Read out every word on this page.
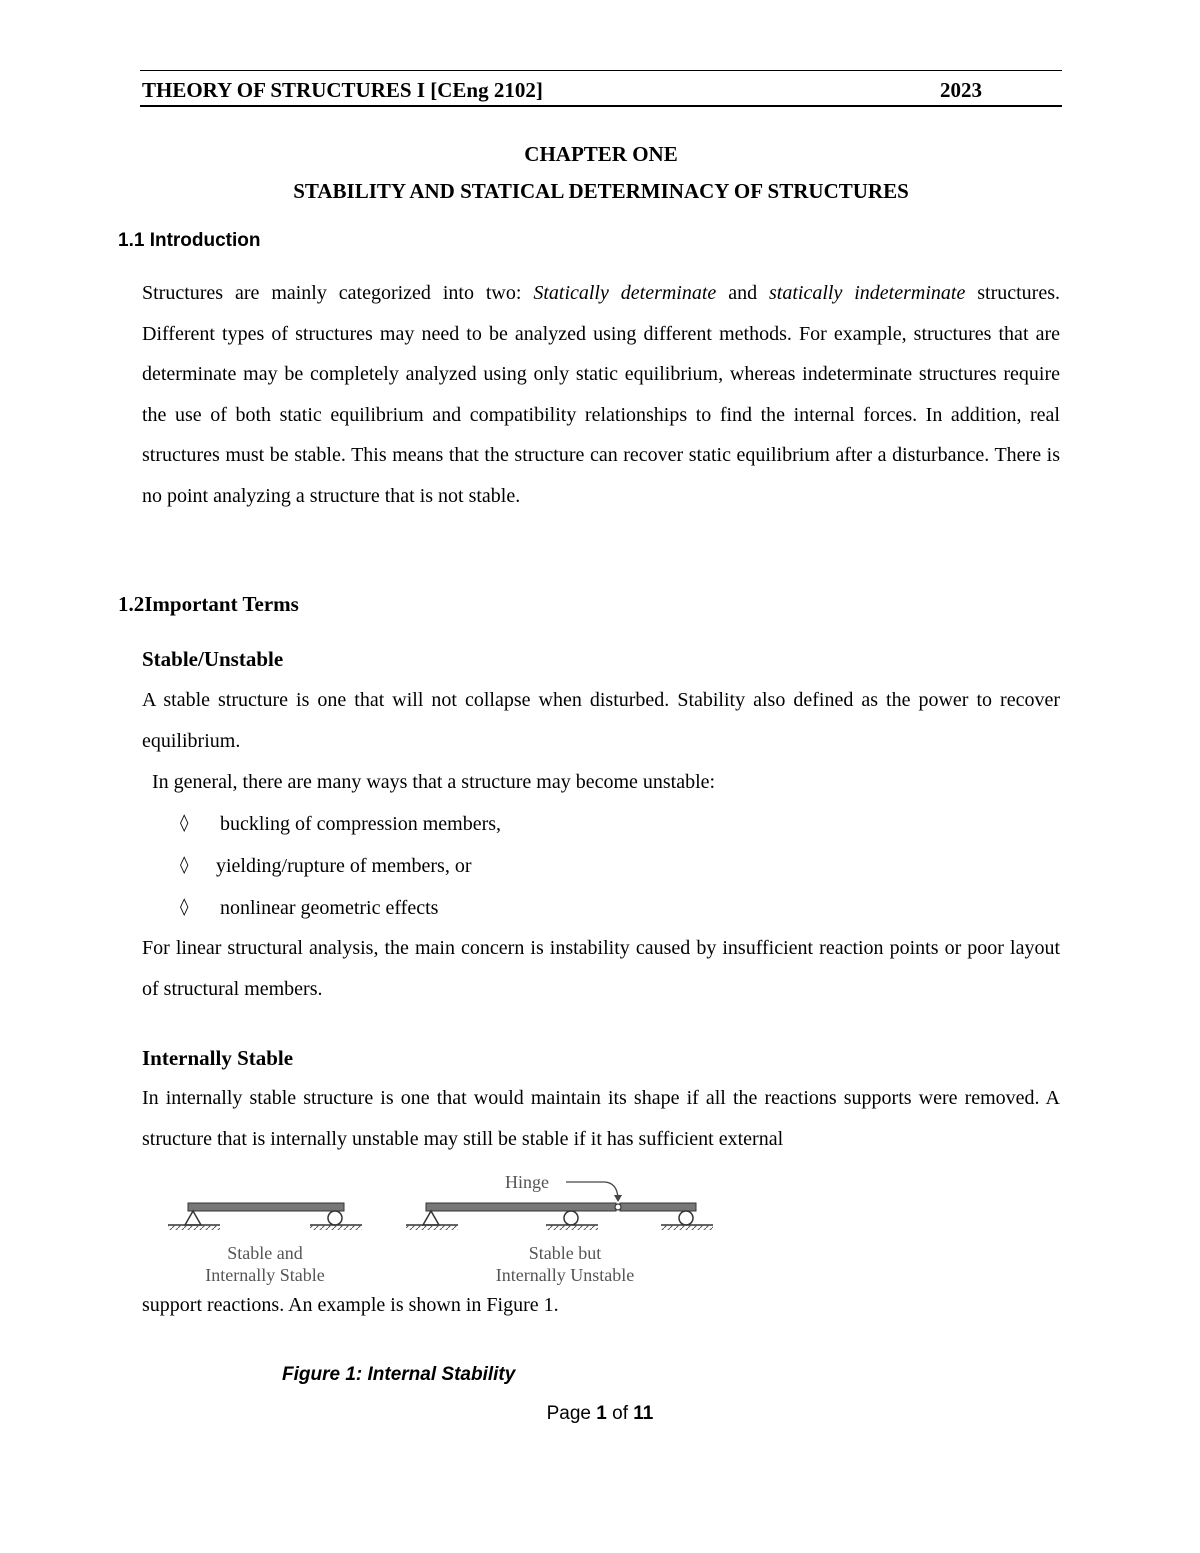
THEORY OF STRUCTURES I [CEng 2102]	2023
CHAPTER ONE
STABILITY AND STATICAL DETERMINACY OF STRUCTURES
1.1 Introduction
Structures are mainly categorized into two: Statically determinate and statically indeterminate structures. Different types of structures may need to be analyzed using different methods. For example, structures that are determinate may be completely analyzed using only static equilibrium, whereas indeterminate structures require the use of both static equilibrium and compatibility relationships to find the internal forces. In addition, real structures must be stable. This means that the structure can recover static equilibrium after a disturbance. There is no point analyzing a structure that is not stable.
1.2Important Terms
Stable/Unstable
A stable structure is one that will not collapse when disturbed. Stability also defined as the power to recover equilibrium.
In general, there are many ways that a structure may become unstable:
◊ buckling of compression members,
◊ yielding/rupture of members, or
◊ nonlinear geometric effects
For linear structural analysis, the main concern is instability caused by insufficient reaction points or poor layout of structural members.
Internally Stable
In internally stable structure is one that would maintain its shape if all the reactions supports were removed. A structure that is internally unstable may still be stable if it has sufficient external
Hinge
Stable and
Internally Stable
Stable but
Internally Unstable
support reactions. An example is shown in Figure 1.
Figure 1: Internal Stability
Page 1 of 11
